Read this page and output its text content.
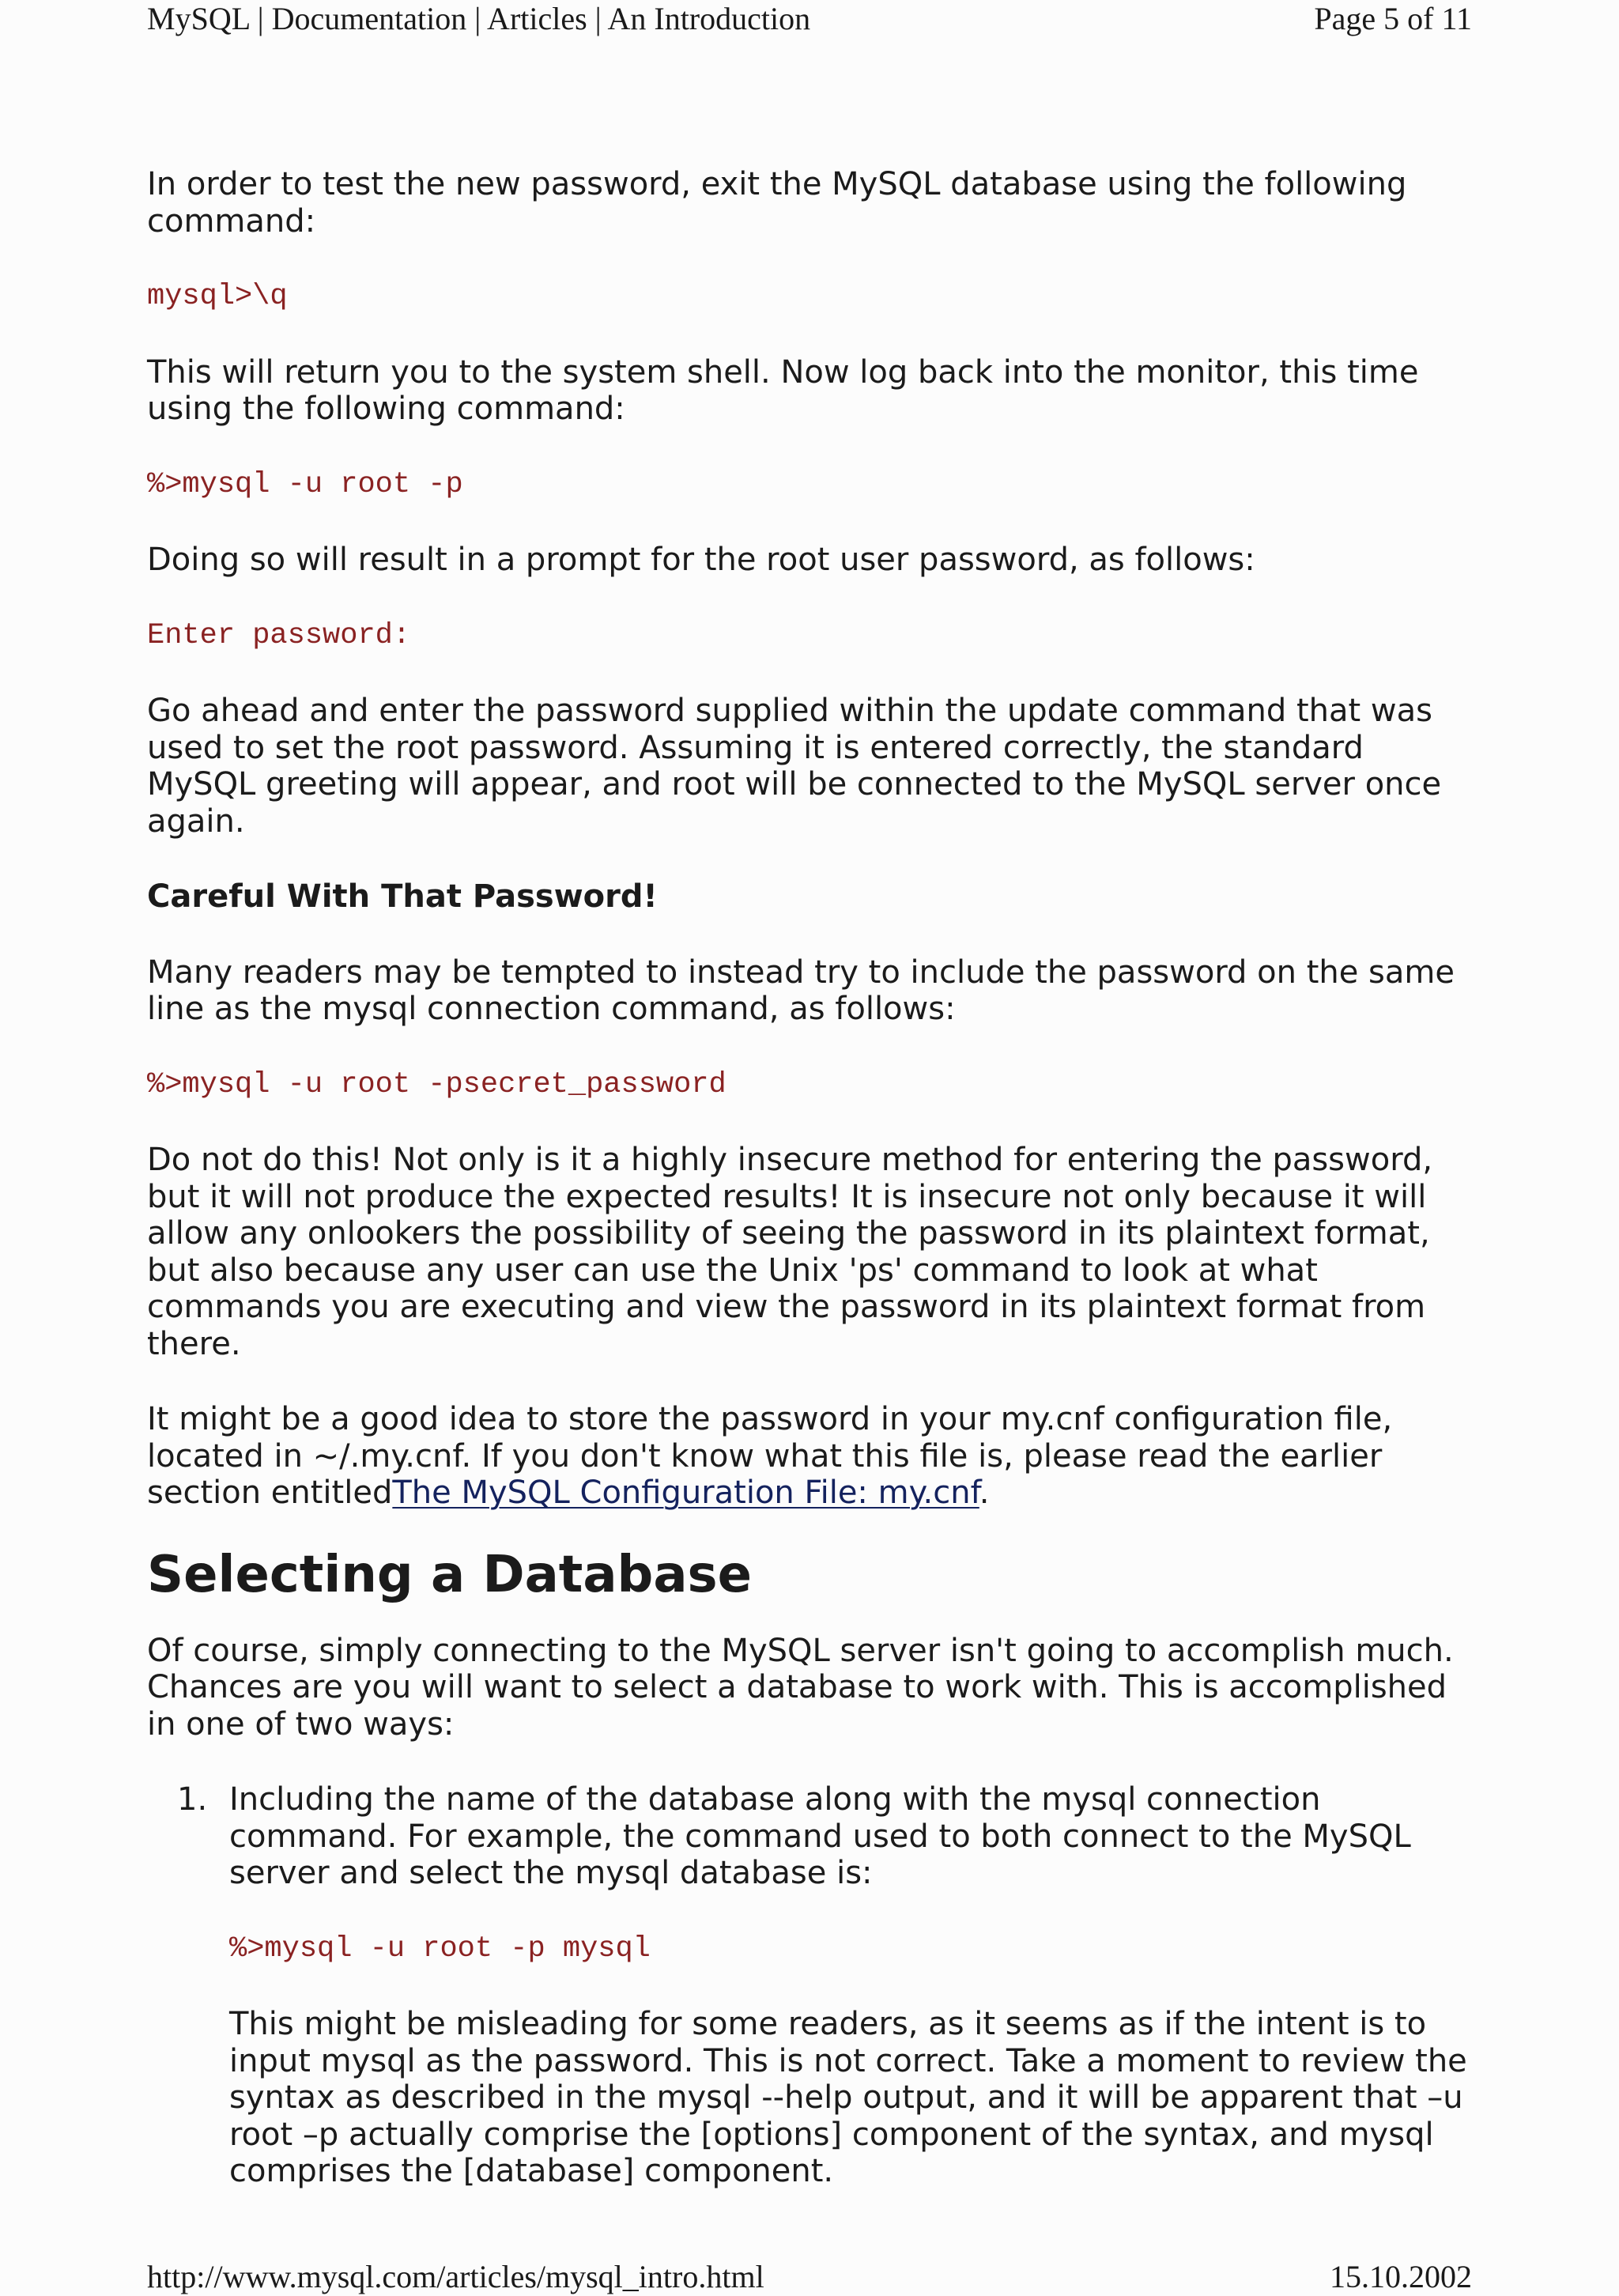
MySQL | Documentation | Articles | An Introduction	Page 5 of 11

In order to test the new password, exit the MySQL database using the following command:

mysql>\q

This will return you to the system shell. Now log back into the monitor, this time using the following command:

%>mysql -u root -p

Doing so will result in a prompt for the root user password, as follows:

Enter password:

Go ahead and enter the password supplied within the update command that was used to set the root password. Assuming it is entered correctly, the standard MySQL greeting will appear, and root will be connected to the MySQL server once again.

Careful With That Password!

Many readers may be tempted to instead try to include the password on the same line as the mysql connection command, as follows:

%>mysql -u root -psecret_password

Do not do this! Not only is it a highly insecure method for entering the password, but it will not produce the expected results! It is insecure not only because it will allow any onlookers the possibility of seeing the password in its plaintext format, but also because any user can use the Unix 'ps' command to look at what commands you are executing and view the password in its plaintext format from there.

It might be a good idea to store the password in your my.cnf configuration file, located in ~/.my.cnf. If you don't know what this file is, please read the earlier section entitledThe MySQL Configuration File: my.cnf.

Selecting a Database

Of course, simply connecting to the MySQL server isn't going to accomplish much. Chances are you will want to select a database to work with. This is accomplished in one of two ways:

1. Including the name of the database along with the mysql connection command. For example, the command used to both connect to the MySQL server and select the mysql database is:

%>mysql -u root -p mysql

This might be misleading for some readers, as it seems as if the intent is to input mysql as the password. This is not correct. Take a moment to review the syntax as described in the mysql --help output, and it will be apparent that –u root –p actually comprise the [options] component of the syntax, and mysql comprises the [database] component.

http://www.mysql.com/articles/mysql_intro.html	15.10.2002
